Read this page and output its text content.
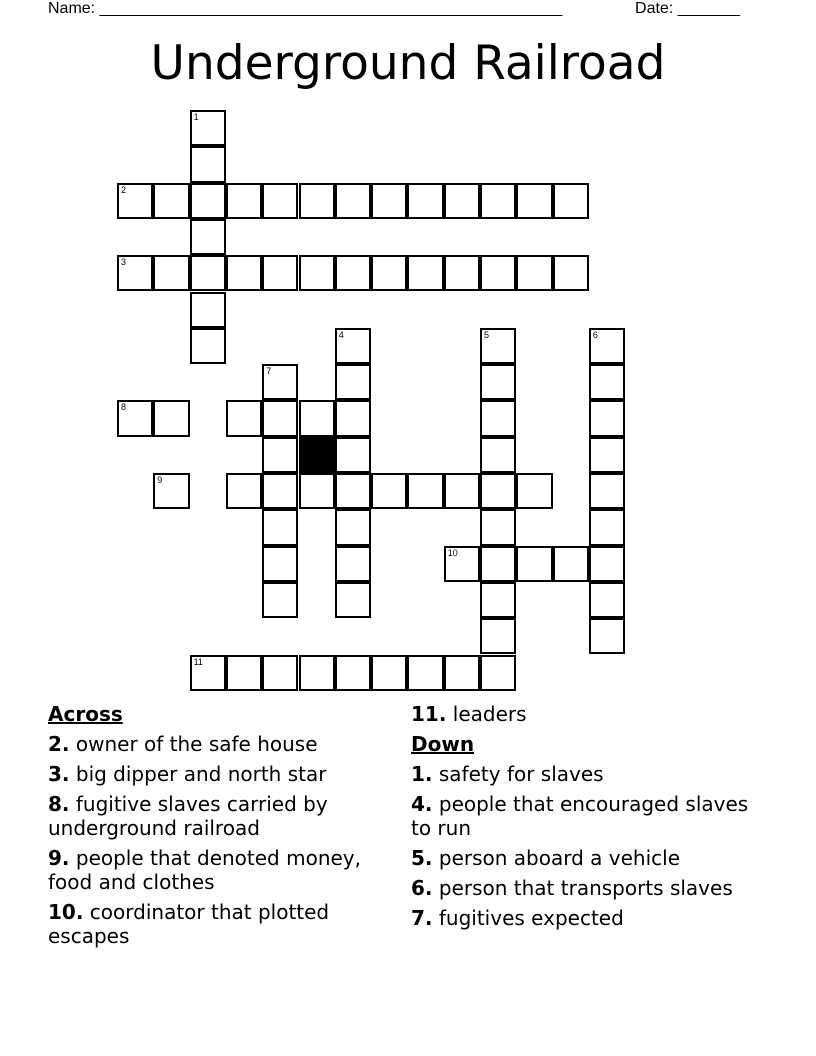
Name: ____________________________________________________	Date: _______
Underground Railroad
1
2
3
4	5	6
7
8
9
10
11
Across
2. owner of the safe house
3. big dipper and north star
8. fugitive slaves carried by underground railroad
9. people that denoted money, food and clothes
10. coordinator that plotted escapes
11. leaders
Down
1. safety for slaves
4. people that encouraged slaves to run
5. person aboard a vehicle
6. person that transports slaves
7. fugitives expected
